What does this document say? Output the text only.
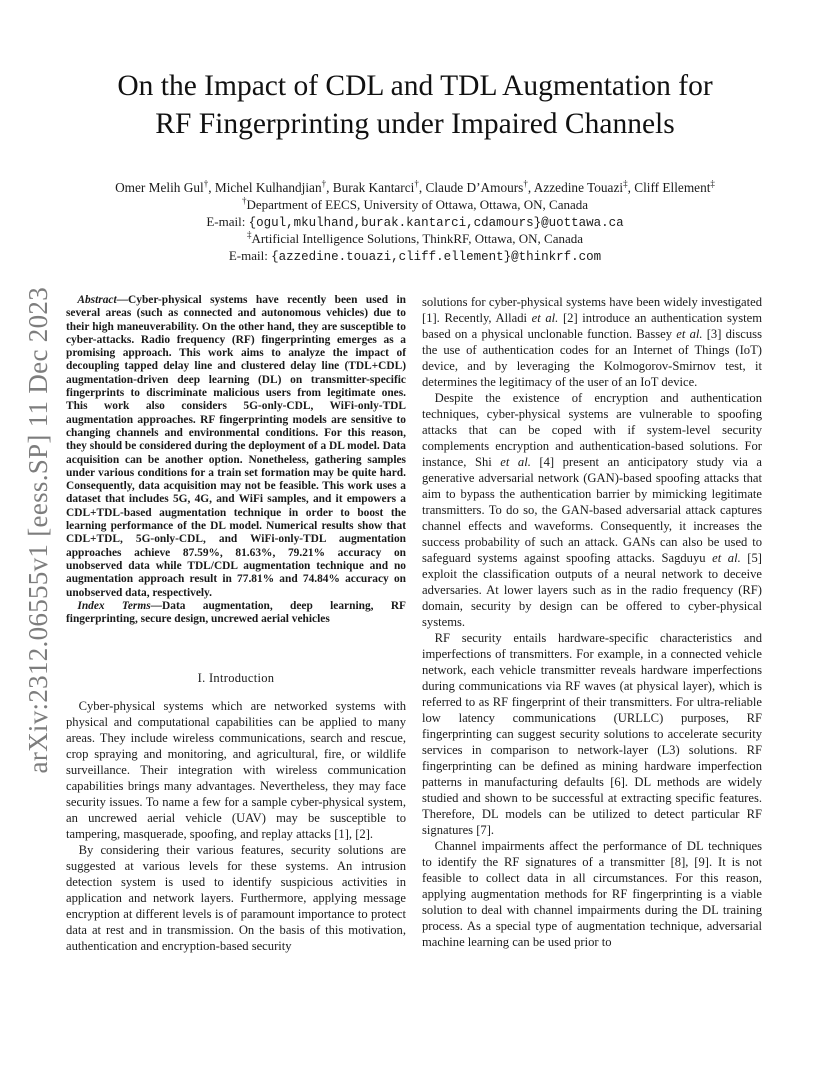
arXiv:2312.06555v1 [eess.SP] 11 Dec 2023
On the Impact of CDL and TDL Augmentation for
RF Fingerprinting under Impaired Channels
Omer Melih Gul†, Michel Kulhandjian†, Burak Kantarci†, Claude D’Amours†, Azzedine Touazi‡, Cliff Ellement‡
†Department of EECS, University of Ottawa, Ottawa, ON, Canada
E-mail: {ogul,mkulhand,burak.kantarci,cdamours}@uottawa.ca
‡Artificial Intelligence Solutions, ThinkRF, Ottawa, ON, Canada
E-mail: {azzedine.touazi,cliff.ellement}@thinkrf.com

Abstract—Cyber-physical systems have recently been used in several areas (such as connected and autonomous vehicles) due to their high maneuverability. On the other hand, they are susceptible to cyber-attacks. Radio frequency (RF) fingerprinting emerges as a promising approach. This work aims to analyze the impact of decoupling tapped delay line and clustered delay line (TDL+CDL) augmentation-driven deep learning (DL) on transmitter-specific fingerprints to discriminate malicious users from legitimate ones. This work also considers 5G-only-CDL, WiFi-only-TDL augmentation approaches. RF fingerprinting models are sensitive to changing channels and environmental conditions. For this reason, they should be considered during the deployment of a DL model. Data acquisition can be another option. Nonetheless, gathering samples under various conditions for a train set formation may be quite hard. Consequently, data acquisition may not be feasible. This work uses a dataset that includes 5G, 4G, and WiFi samples, and it empowers a CDL+TDL-based augmentation technique in order to boost the learning performance of the DL model. Numerical results show that CDL+TDL, 5G-only-CDL, and WiFi-only-TDL augmentation approaches achieve 87.59%, 81.63%, 79.21% accuracy on unobserved data while TDL/CDL augmentation technique and no augmentation approach result in 77.81% and 74.84% accuracy on unobserved data, respectively.

Index Terms—Data augmentation, deep learning, RF fingerprinting, secure design, uncrewed aerial vehicles

I. Introduction

Cyber-physical systems which are networked systems with physical and computational capabilities can be applied to many areas. They include wireless communications, search and rescue, crop spraying and monitoring, and agricultural, fire, or wildlife surveillance. Their integration with wireless communication capabilities brings many advantages. Nevertheless, they may face security issues. To name a few for a sample cyber-physical system, an uncrewed aerial vehicle (UAV) may be susceptible to tampering, masquerade, spoofing, and replay attacks [1], [2].

By considering their various features, security solutions are suggested at various levels for these systems. An intrusion detection system is used to identify suspicious activities in application and network layers. Furthermore, applying message encryption at different levels is of paramount importance to protect data at rest and in transmission. On the basis of this motivation, authentication and encryption-based security

solutions for cyber-physical systems have been widely investigated [1]. Recently, Alladi et al. [2] introduce an authentication system based on a physical unclonable function. Bassey et al. [3] discuss the use of authentication codes for an Internet of Things (IoT) device, and by leveraging the Kolmogorov-Smirnov test, it determines the legitimacy of the user of an IoT device.

Despite the existence of encryption and authentication techniques, cyber-physical systems are vulnerable to spoofing attacks that can be coped with if system-level security complements encryption and authentication-based solutions. For instance, Shi et al. [4] present an anticipatory study via a generative adversarial network (GAN)-based spoofing attacks that aim to bypass the authentication barrier by mimicking legitimate transmitters. To do so, the GAN-based adversarial attack captures channel effects and waveforms. Consequently, it increases the success probability of such an attack. GANs can also be used to safeguard systems against spoofing attacks. Sagduyu et al. [5] exploit the classification outputs of a neural network to deceive adversaries. At lower layers such as in the radio frequency (RF) domain, security by design can be offered to cyber-physical systems.

RF security entails hardware-specific characteristics and imperfections of transmitters. For example, in a connected vehicle network, each vehicle transmitter reveals hardware imperfections during communications via RF waves (at physical layer), which is referred to as RF fingerprint of their transmitters. For ultra-reliable low latency communications (URLLC) purposes, RF fingerprinting can suggest security solutions to accelerate security services in comparison to network-layer (L3) solutions. RF fingerprinting can be defined as mining hardware imperfection patterns in manufacturing defaults [6]. DL methods are widely studied and shown to be successful at extracting specific features. Therefore, DL models can be utilized to detect particular RF signatures [7].

Channel impairments affect the performance of DL techniques to identify the RF signatures of a transmitter [8], [9]. It is not feasible to collect data in all circumstances. For this reason, applying augmentation methods for RF fingerprinting is a viable solution to deal with channel impairments during the DL training process. As a special type of augmentation technique, adversarial machine learning can be used prior to
